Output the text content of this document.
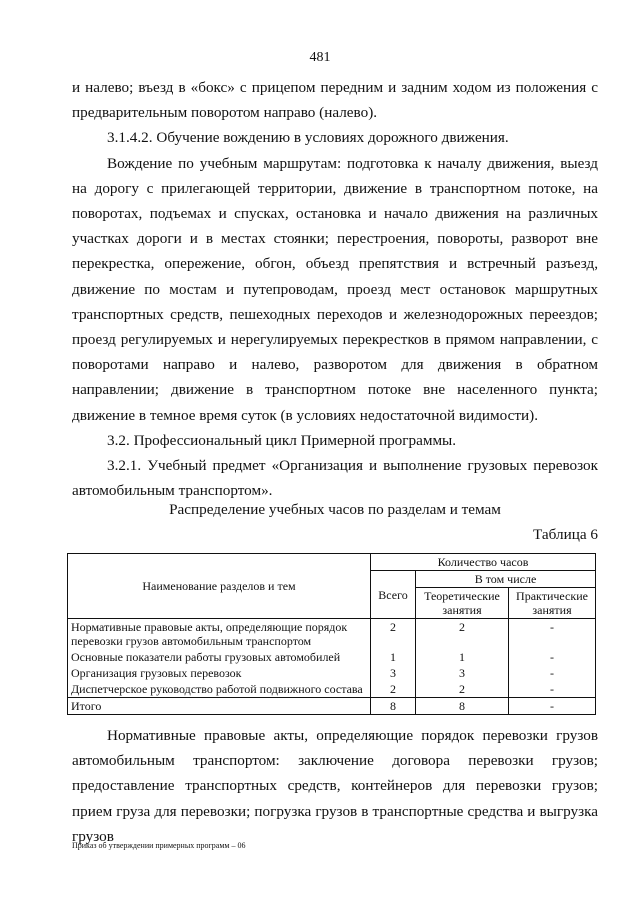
481

и налево; въезд в «бокс» с прицепом передним и задним ходом из положения с предварительным поворотом направо (налево).

3.1.4.2. Обучение вождению в условиях дорожного движения.

Вождение по учебным маршрутам: подготовка к началу движения, выезд на дорогу с прилегающей территории, движение в транспортном потоке, на поворотах, подъемах и спусках, остановка и начало движения на различных участках дороги и в местах стоянки; перестроения, повороты, разворот вне перекрестка, опережение, обгон, объезд препятствия и встречный разъезд, движение по мостам и путепроводам, проезд мест остановок маршрутных транспортных средств, пешеходных переходов и железнодорожных переездов; проезд регулируемых и нерегулируемых перекрестков в прямом направлении, с поворотами направо и налево, разворотом для движения в обратном направлении; движение в транспортном потоке вне населенного пункта; движение в темное время суток (в условиях недостаточной видимости).

3.2. Профессиональный цикл Примерной программы.

3.2.1. Учебный предмет «Организация и выполнение грузовых перевозок автомобильным транспортом».

Распределение учебных часов по разделам и темам
Таблица 6
Наименование разделов и тем	Количество часов		
	Всего	В том числе	
		Теоретические занятия	Практические занятия
Нормативные правовые акты, определяющие порядок перевозки грузов автомобильным транспортом	2	2	-
Основные показатели работы грузовых автомобилей	1	1	-
Организация грузовых перевозок	3	3	-
Диспетчерское руководство работой подвижного состава	2	2	-
Итого	8	8	-
Нормативные правовые акты, определяющие порядок перевозки грузов автомобильным транспортом: заключение договора перевозки грузов; предоставление транспортных средств, контейнеров для перевозки грузов; прием груза для перевозки; погрузка грузов в транспортные средства и выгрузка грузов
Приказ об утверждении примерных программ – 06
